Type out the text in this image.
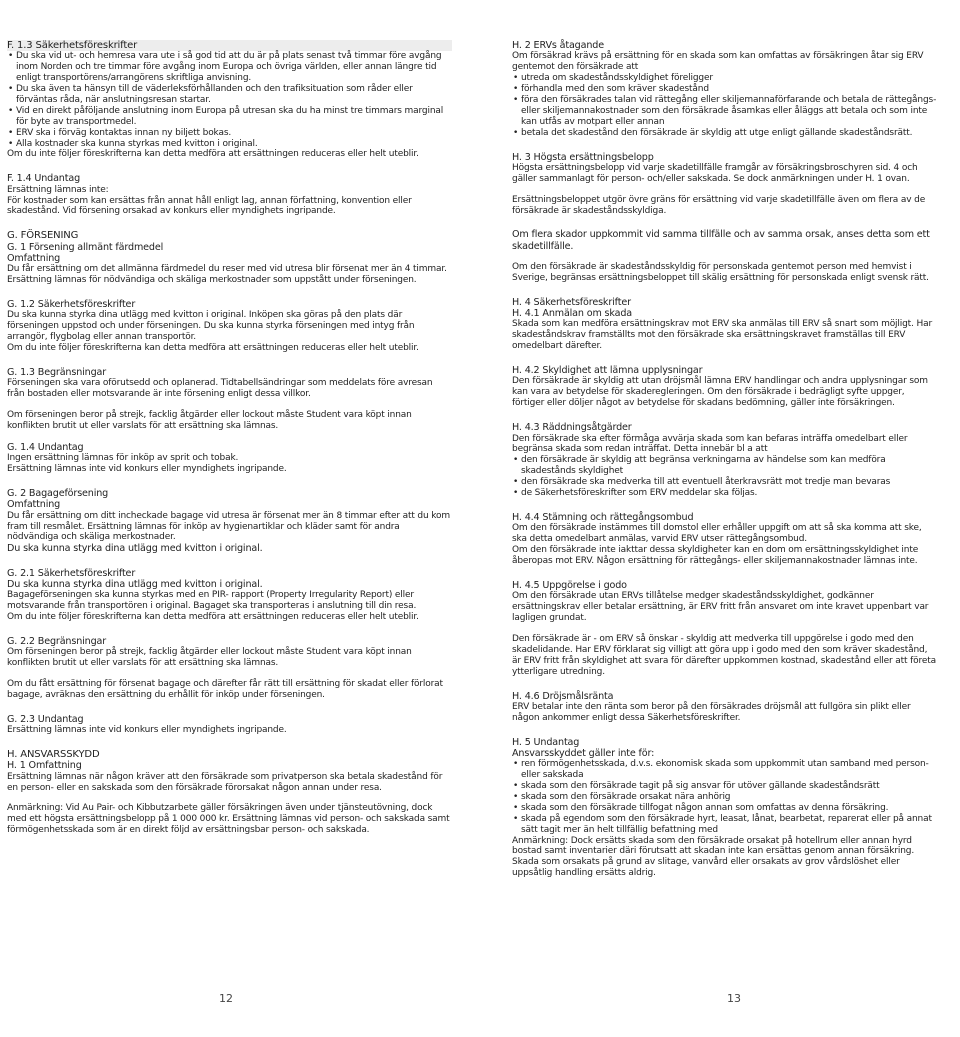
F. 1.3 Säkerhetsföreskrifter

• Du ska vid ut- och hemresa vara ute i så god tid att du är på plats senast två timmar före avgång inom Norden och tre timmar före avgång inom Europa och övriga världen, eller annan längre tid enligt transportörens/arrangörens skriftliga anvisning.

• Du ska även ta hänsyn till de väderleksförhållanden och den trafiksituation som råder eller förväntas råda, när anslutningsresan startar.

• Vid en direkt påföljande anslutning inom Europa på utresan ska du ha minst tre timmars marginal för byte av transportmedel.

• ERV ska i förväg kontaktas innan ny biljett bokas.

• Alla kostnader ska kunna styrkas med kvitton i original.

Om du inte följer föreskrifterna kan detta medföra att ersättningen reduceras eller helt uteblir.

F. 1.4 Undantag

Ersättning lämnas inte:

För kostnader som kan ersättas från annat håll enligt lag, annan författning, konvention eller skadestånd. Vid försening orsakad av konkurs eller myndighets ingripande.

G. FÖRSENING

G. 1 Försening allmänt färdmedel

Omfattning

Du får ersättning om det allmänna färdmedel du reser med vid utresa blir försenat mer än 4 timmar. Ersättning lämnas för nödvändiga och skäliga merkostnader som uppstått under förseningen.

G. 1.2 Säkerhetsföreskrifter

Du ska kunna styrka dina utlägg med kvitton i original. Inköpen ska göras på den plats där förseningen uppstod och under förseningen. Du ska kunna styrka förseningen med intyg från arrangör, flygbolag eller annan transportör.

Om du inte följer föreskrifterna kan detta medföra att ersättningen reduceras eller helt uteblir.

G. 1.3 Begränsningar

Förseningen ska vara oförutsedd och oplanerad. Tidtabellsändringar som meddelats före avresan från bostaden eller motsvarande är inte försening enligt dessa villkor.

Om förseningen beror på strejk, facklig åtgärder eller lockout måste Student vara köpt innan konflikten brutit ut eller varslats för att ersättning ska lämnas.

G. 1.4 Undantag

Ingen ersättning lämnas för inköp av sprit och tobak.

Ersättning lämnas inte vid konkurs eller myndighets ingripande.

G. 2 Bagageförsening

Omfattning

Du får ersättning om ditt incheckade bagage vid utresa är försenat mer än 8 timmar efter att du kom fram till resmålet. Ersättning lämnas för inköp av hygienartiklar och kläder samt för andra nödvändiga och skäliga merkostnader.

Du ska kunna styrka dina utlägg med kvitton i original.

G. 2.1 Säkerhetsföreskrifter

Du ska kunna styrka dina utlägg med kvitton i original.

Bagageförseningen ska kunna styrkas med en PIR- rapport (Property Irregularity Report) eller motsvarande från transportören i original. Bagaget ska transporteras i anslutning till din resa.

Om du inte följer föreskrifterna kan detta medföra att ersättningen reduceras eller helt uteblir.

G. 2.2 Begränsningar

Om förseningen beror på strejk, facklig åtgärder eller lockout måste Student vara köpt innan konflikten brutit ut eller varslats för att ersättning ska lämnas.

Om du fått ersättning för försenat bagage och därefter får rätt till ersättning för skadat eller förlorat bagage, avräknas den ersättning du erhållit för inköp under förseningen.

G. 2.3 Undantag

Ersättning lämnas inte vid konkurs eller myndighets ingripande.

H. ANSVARSSKYDD

H. 1 Omfattning

Ersättning lämnas när någon kräver att den försäkrade som privatperson ska betala skadestånd för en person- eller en sakskada som den försäkrade förorsakat någon annan under resa.

Anmärkning: Vid Au Pair- och Kibbutzarbete gäller försäkringen även under tjänsteutövning, dock med ett högsta ersättningsbelopp på 1 000 000 kr. Ersättning lämnas vid person- och sakskada samt förmögenhetsskada som är en direkt följd av ersättningsbar person- och sakskada.

12

H. 2 ERVs åtagande

Om försäkrad krävs på ersättning för en skada som kan omfattas av försäkringen åtar sig ERV gentemot den försäkrade att

• utreda om skadeståndsskyldighet föreligger

• förhandla med den som kräver skadestånd

• föra den försäkrades talan vid rättegång eller skiljemannaförfarande och betala de rättegångs- eller skiljemannakostnader som den försäkrade åsamkas eller åläggs att betala och som inte kan utfås av motpart eller annan

• betala det skadestånd den försäkrade är skyldig att utge enligt gällande skadeståndsrätt.

H. 3 Högsta ersättningsbelopp

Högsta ersättningsbelopp vid varje skadetillfälle framgår av försäkringsbroschyren sid. 4 och gäller sammanlagt för person- och/eller sakskada. Se dock anmärkningen under H. 1 ovan.

Ersättningsbeloppet utgör övre gräns för ersättning vid varje skadetillfälle även om flera av de försäkrade är skadeståndsskyldiga.

Om flera skador uppkommit vid samma tillfälle och av samma orsak, anses detta som ett skadetillfälle.

Om den försäkrade är skadeståndsskyldig för personskada gentemot person med hemvist i Sverige, begränsas ersättningsbeloppet till skälig ersättning för personskada enligt svensk rätt.

H. 4 Säkerhetsföreskrifter

H. 4.1 Anmälan om skada

Skada som kan medföra ersättningskrav mot ERV ska anmälas till ERV så snart som möjligt. Har skadeståndskrav framställts mot den försäkrade ska ersättningskravet framställas till ERV omedelbart därefter.

H. 4.2 Skyldighet att lämna upplysningar

Den försäkrade är skyldig att utan dröjsmål lämna ERV handlingar och andra upplysningar som kan vara av betydelse för skaderegleringen. Om den försäkrade i bedrägligt syfte uppger, förtiger eller döljer något av betydelse för skadans bedömning, gäller inte försäkringen.

H. 4.3 Räddningsåtgärder

Den försäkrade ska efter förmåga avvärja skada som kan befaras inträffa omedelbart eller begränsa skada som redan inträffat. Detta innebär bl a att

• den försäkrade är skyldig att begränsa verkningarna av händelse som kan medföra skadestånds skyldighet

• den försäkrade ska medverka till att eventuell återkravsrätt mot tredje man bevaras

• de Säkerhetsföreskrifter som ERV meddelar ska följas.

H. 4.4 Stämning och rättegångsombud

Om den försäkrade instämmes till domstol eller erhåller uppgift om att så ska komma att ske, ska detta omedelbart anmälas, varvid ERV utser rättegångsombud.

Om den försäkrade inte iakttar dessa skyldigheter kan en dom om ersättningsskyldighet inte åberopas mot ERV. Någon ersättning för rättegångs- eller skiljemannakostnader lämnas inte.

H. 4.5 Uppgörelse i godo

Om den försäkrade utan ERVs tillåtelse medger skadeståndsskyldighet, godkänner ersättningskrav eller betalar ersättning, är ERV fritt från ansvaret om inte kravet uppenbart var lagligen grundat.

Den försäkrade är - om ERV så önskar - skyldig att medverka till uppgörelse i godo med den skadelidande. Har ERV förklarat sig villigt att göra upp i godo med den som kräver skadestånd, är ERV fritt från skyldighet att svara för därefter uppkommen kostnad, skadestånd eller att företa ytterligare utredning.

H. 4.6 Dröjsmålsränta

ERV betalar inte den ränta som beror på den försäkrades dröjsmål att fullgöra sin plikt eller någon ankommer enligt dessa Säkerhetsföreskrifter.

H. 5 Undantag

Ansvarsskyddet gäller inte för:

• ren förmögenhetsskada, d.v.s. ekonomisk skada som uppkommit utan samband med person- eller sakskada

• skada som den försäkrade tagit på sig ansvar för utöver gällande skadeståndsrätt

• skada som den försäkrade orsakat nära anhörig

• skada som den försäkrade tillfogat någon annan som omfattas av denna försäkring.

• skada på egendom som den försäkrade hyrt, leasat, lånat, bearbetat, reparerat eller på annat sätt tagit mer än helt tillfällig befattning med

Anmärkning: Dock ersätts skada som den försäkrade orsakat på hotellrum eller annan hyrd bostad samt inventarier däri förutsatt att skadan inte kan ersättas genom annan försäkring. Skada som orsakats på grund av slitage, vanvård eller orsakats av grov vårdslöshet eller uppsåtlig handling ersätts aldrig.

13
